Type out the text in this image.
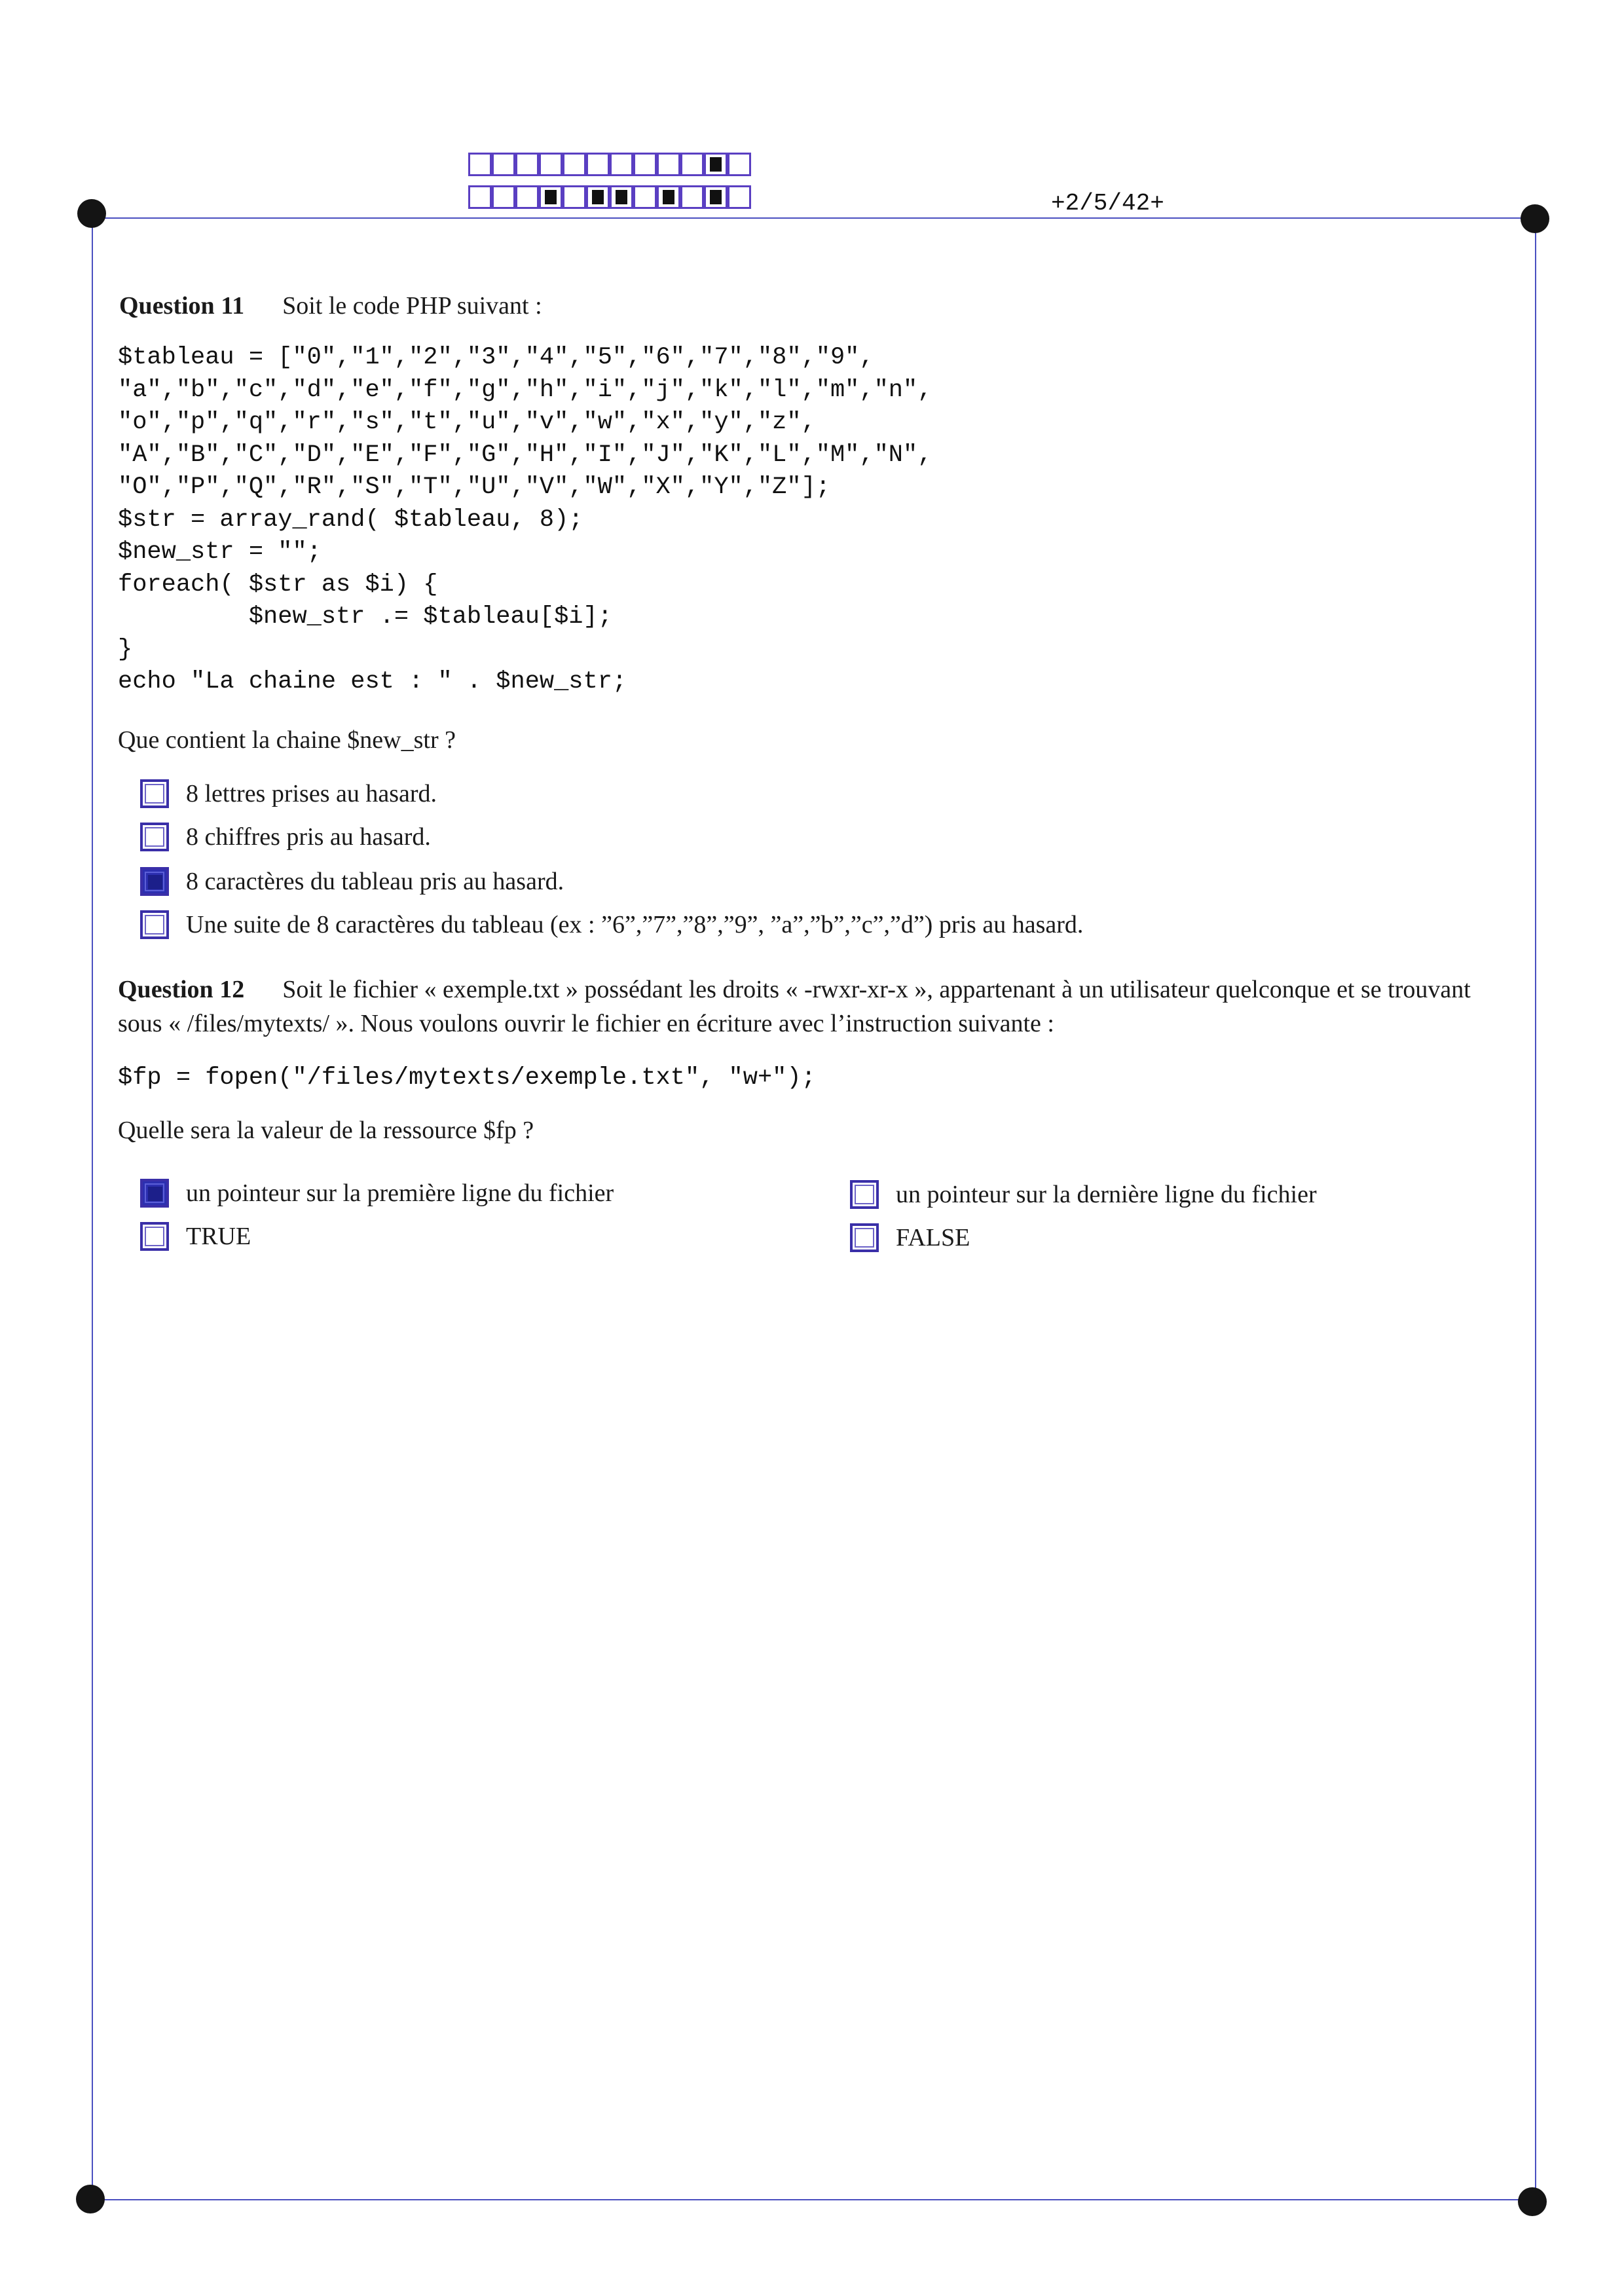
+2/5/42+
Question 11 Soit le code PHP suivant :
$tableau = ["0","1","2","3","4","5","6","7","8","9",
"a","b","c","d","e","f","g","h","i","j","k","l","m","n",
"o","p","q","r","s","t","u","v","w","x","y","z",
"A","B","C","D","E","F","G","H","I","J","K","L","M","N",
"O","P","Q","R","S","T","U","V","W","X","Y","Z"];
$str = array_rand( $tableau, 8);
$new_str = "";
foreach( $str as $i) {
$new_str .= $tableau[$i];
}
echo "La chaine est : " . $new_str;
Que contient la chaine $new_str ?
8 lettres prises au hasard.
8 chiffres pris au hasard.
8 caractères du tableau pris au hasard.
Une suite de 8 caractères du tableau (ex : ”6”,”7”,”8”,”9”, ”a”,”b”,”c”,”d”) pris au hasard.
Question 12 Soit le fichier « exemple.txt » possédant les droits « -rwxr-xr-x », appartenant à un utilisateur quelconque et se trouvant sous « /files/mytexts/ ». Nous voulons ouvrir le fichier en écriture avec l’instruction suivante :
$fp = fopen("/files/mytexts/exemple.txt", "w+");
Quelle sera la valeur de la ressource $fp ?
un pointeur sur la première ligne du fichier	un pointeur sur la dernière ligne du fichier
TRUE	FALSE
